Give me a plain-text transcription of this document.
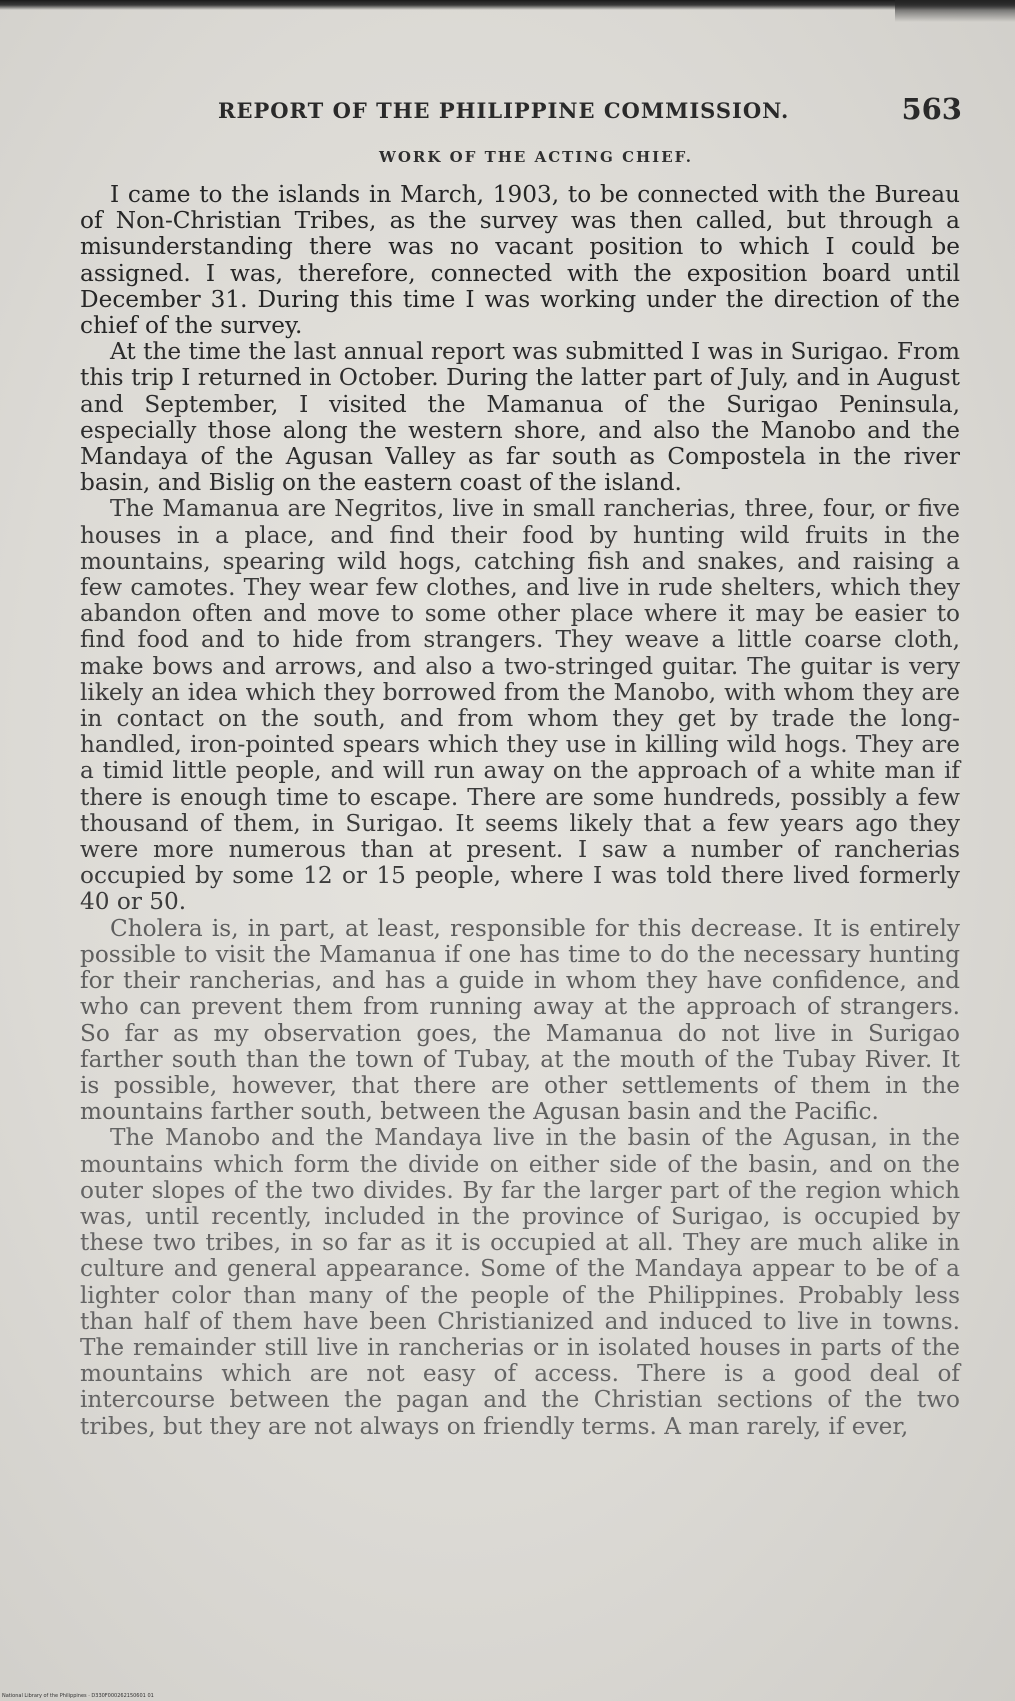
REPORT OF THE PHILIPPINE COMMISSION.	563
WORK OF THE ACTING CHIEF.

I came to the islands in March, 1903, to be connected with the Bureau of Non-Christian Tribes, as the survey was then called, but through a misunderstanding there was no vacant position to which I could be assigned. I was, therefore, connected with the exposition board until December 31. During this time I was working under the direction of the chief of the survey.

At the time the last annual report was submitted I was in Surigao. From this trip I returned in October. During the latter part of July, and in August and September, I visited the Mamanua of the Surigao Peninsula, especially those along the western shore, and also the Manobo and the Mandaya of the Agusan Valley as far south as Compostela in the river basin, and Bislig on the eastern coast of the island.

The Mamanua are Negritos, live in small rancherias, three, four, or five houses in a place, and find their food by hunting wild fruits in the mountains, spearing wild hogs, catching fish and snakes, and raising a few camotes. They wear few clothes, and live in rude shelters, which they abandon often and move to some other place where it may be easier to find food and to hide from strangers. They weave a little coarse cloth, make bows and arrows, and also a two-stringed guitar. The guitar is very likely an idea which they borrowed from the Manobo, with whom they are in contact on the south, and from whom they get by trade the long-handled, iron-pointed spears which they use in killing wild hogs. They are a timid little people, and will run away on the approach of a white man if there is enough time to escape. There are some hundreds, possibly a few thousand of them, in Surigao. It seems likely that a few years ago they were more numerous than at present. I saw a number of rancherias occupied by some 12 or 15 people, where I was told there lived formerly 40 or 50.

Cholera is, in part, at least, responsible for this decrease. It is entirely possible to visit the Mamanua if one has time to do the necessary hunting for their rancherias, and has a guide in whom they have confidence, and who can prevent them from running away at the approach of strangers. So far as my observation goes, the Mamanua do not live in Surigao farther south than the town of Tubay, at the mouth of the Tubay River. It is possible, however, that there are other settlements of them in the mountains farther south, between the Agusan basin and the Pacific.

The Manobo and the Mandaya live in the basin of the Agusan, in the mountains which form the divide on either side of the basin, and on the outer slopes of the two divides. By far the larger part of the region which was, until recently, included in the province of Surigao, is occupied by these two tribes, in so far as it is occupied at all. They are much alike in culture and general appearance. Some of the Mandaya appear to be of a lighter color than many of the people of the Philippines. Probably less than half of them have been Christianized and induced to live in towns. The remainder still live in rancherias or in isolated houses in parts of the mountains which are not easy of access. There is a good deal of intercourse between the pagan and the Christian sections of the two tribes, but they are not always on friendly terms. A man rarely, if ever,

National Library of the Philippines · D330F000262150601 01
